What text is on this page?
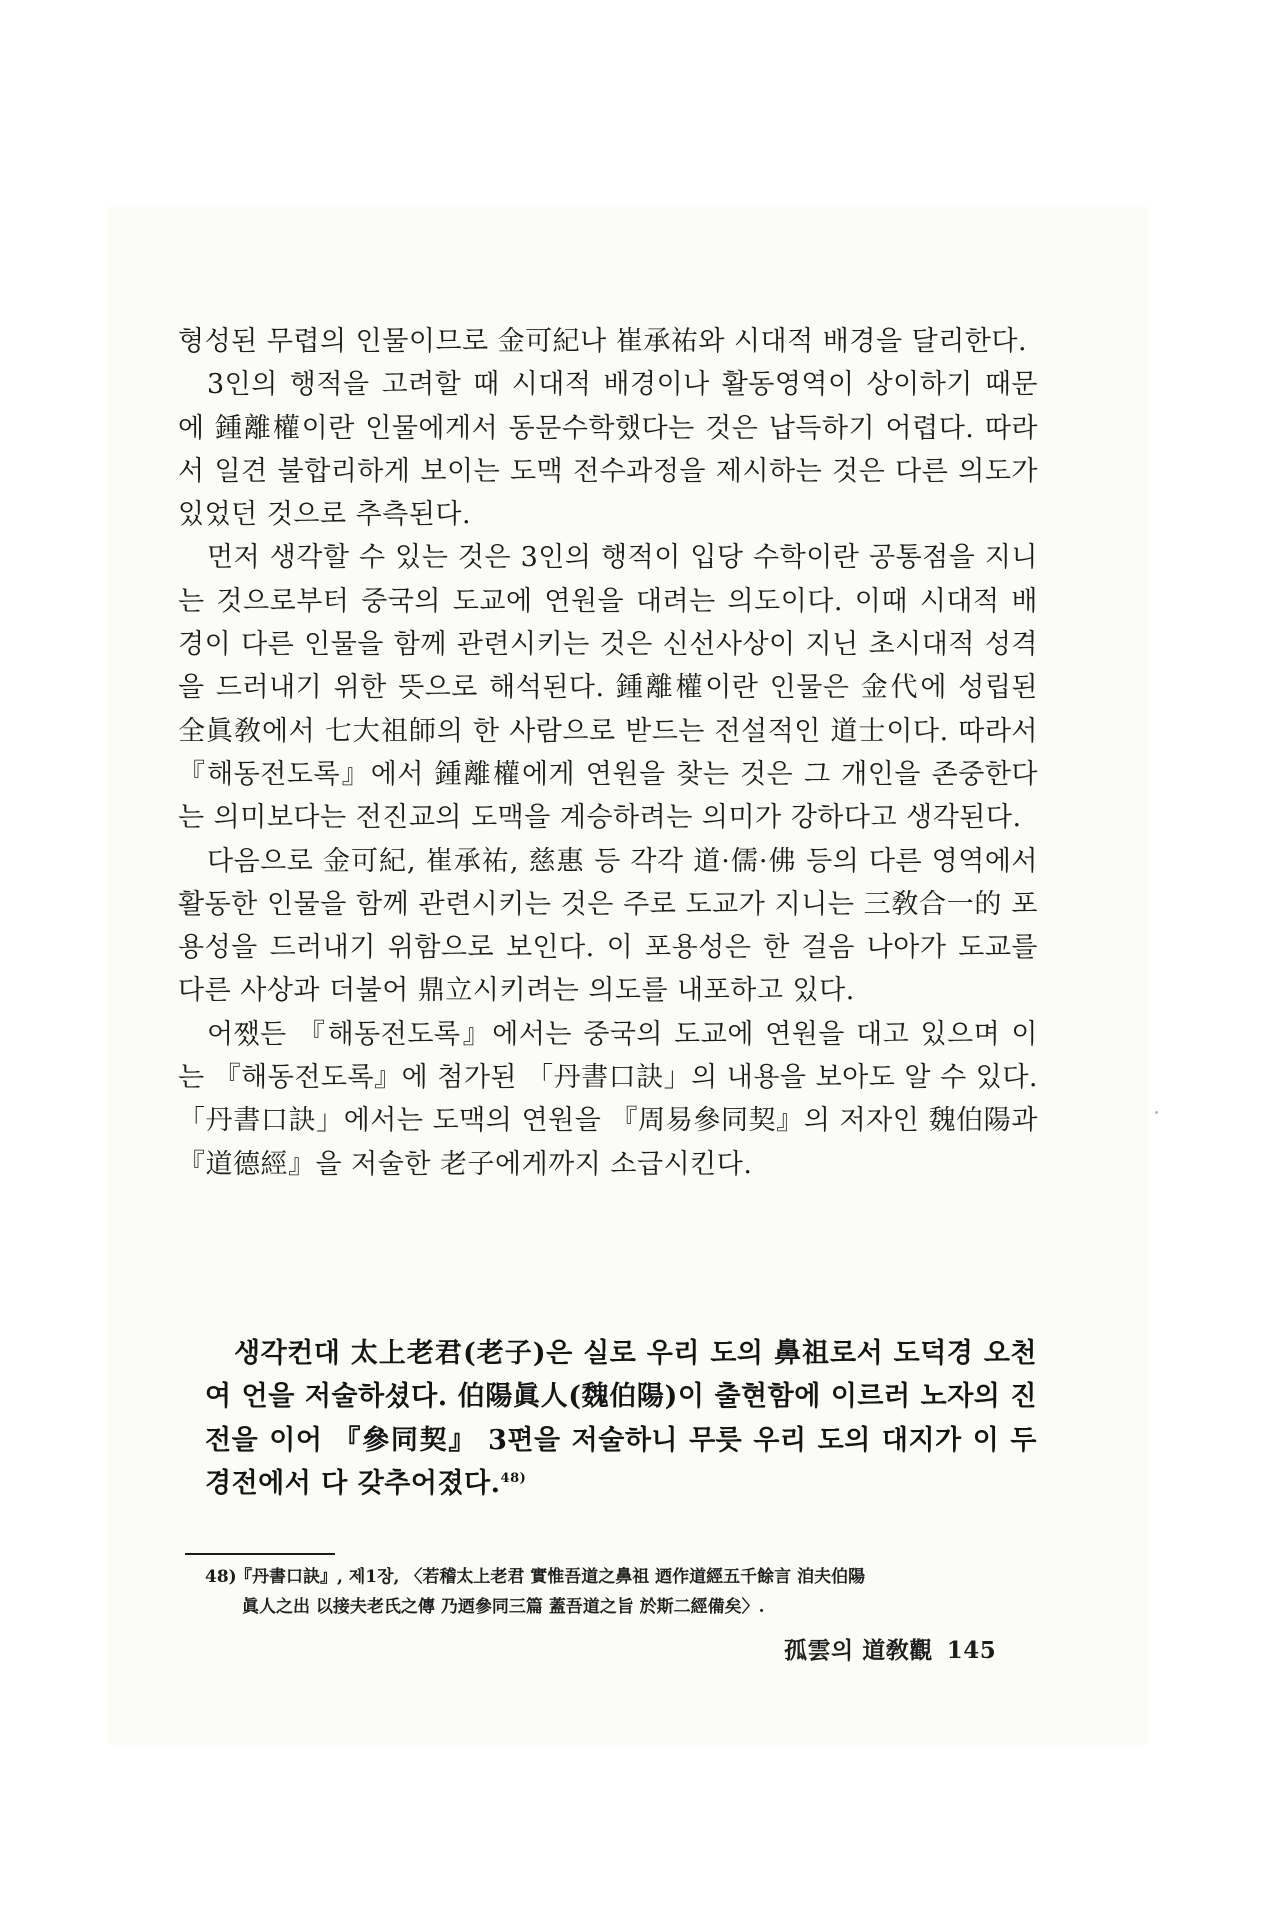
형성된 무렵의 인물이므로 金可紀나 崔承祐와 시대적 배경을 달리한다.

3인의 행적을 고려할 때 시대적 배경이나 활동영역이 상이하기 때문에 鍾離權이란 인물에게서 동문수학했다는 것은 납득하기 어렵다. 따라서 일견 불합리하게 보이는 도맥 전수과정을 제시하는 것은 다른 의도가 있었던 것으로 추측된다.

먼저 생각할 수 있는 것은 3인의 행적이 입당 수학이란 공통점을 지니는 것으로부터 중국의 도교에 연원을 대려는 의도이다. 이때 시대적 배경이 다른 인물을 함께 관련시키는 것은 신선사상이 지닌 초시대적 성격을 드러내기 위한 뜻으로 해석된다. 鍾離權이란 인물은 金代에 성립된 全眞敎에서 七大祖師의 한 사람으로 받드는 전설적인 道士이다. 따라서 『해동전도록』에서 鍾離權에게 연원을 찾는 것은 그 개인을 존중한다는 의미보다는 전진교의 도맥을 계승하려는 의미가 강하다고 생각된다.

다음으로 金可紀, 崔承祐, 慈惠 등 각각 道·儒·佛 등의 다른 영역에서 활동한 인물을 함께 관련시키는 것은 주로 도교가 지니는 三敎合一的 포용성을 드러내기 위함으로 보인다. 이 포용성은 한 걸음 나아가 도교를 다른 사상과 더불어 鼎立시키려는 의도를 내포하고 있다.

어쨌든 『해동전도록』에서는 중국의 도교에 연원을 대고 있으며 이는 『해동전도록』에 첨가된 「丹書口訣」의 내용을 보아도 알 수 있다. 「丹書口訣」에서는 도맥의 연원을 『周易參同契』의 저자인 魏伯陽과 『道德經』을 저술한 老子에게까지 소급시킨다.

생각컨대 太上老君(老子)은 실로 우리 도의 鼻祖로서 도덕경 오천여 언을 저술하셨다. 伯陽眞人(魏伯陽)이 출현함에 이르러 노자의 진전을 이어 『參同契』 3편을 저술하니 무릇 우리 도의 대지가 이 두 경전에서 다 갖추어졌다.$^{48)}$

48)『丹書口訣』, 제1장, 〈若稽太上老君 實惟吾道之鼻祖 迺作道經五千餘言 洎夫伯陽
眞人之出 以接夫老氏之傳 乃迺參同三篇 蓋吾道之旨 於斯二經備矣〉.
孤雲의 道敎觀 145
